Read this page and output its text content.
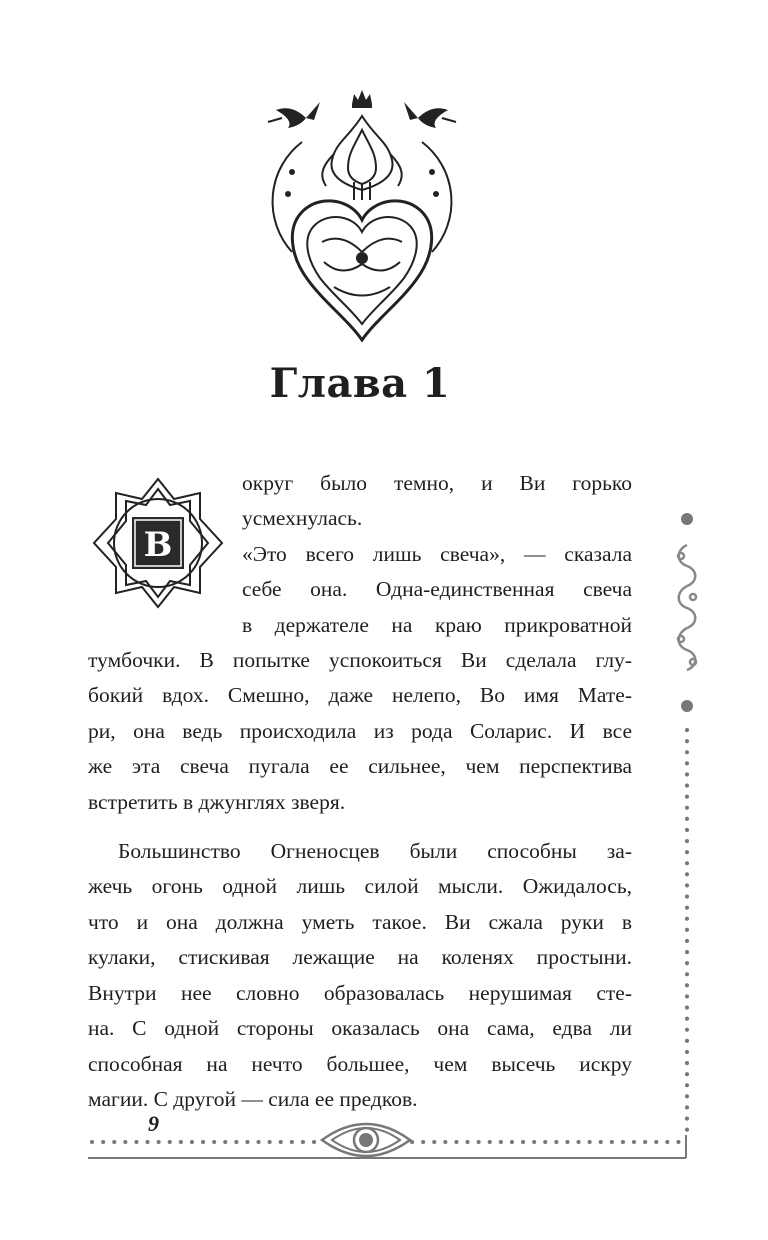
Глава 1
В

округ было темно, и Ви горько
усмехнулась.
«Это всего лишь свеча», — сказала
себе она. Одна-единственная свеча
в держателе на краю прикроватной
тумбочки. В попытке успокоиться Ви сделала глу-
бокий вдох. Смешно, даже нелепо, Во имя Мате-
ри, она ведь происходила из рода Соларис. И все
же эта свеча пугала ее сильнее, чем перспектива
встретить в джунглях зверя.

Большинство Огненосцев были способны за-
жечь огонь одной лишь силой мысли. Ожидалось,
что и она должна уметь такое. Ви сжала руки в
кулаки, стискивая лежащие на коленях простыни.
Внутри нее словно образовалась нерушимая сте-
на. С одной стороны оказалась она сама, едва ли
способная на нечто большее, чем высечь искру
магии. С другой — сила ее предков.

9
